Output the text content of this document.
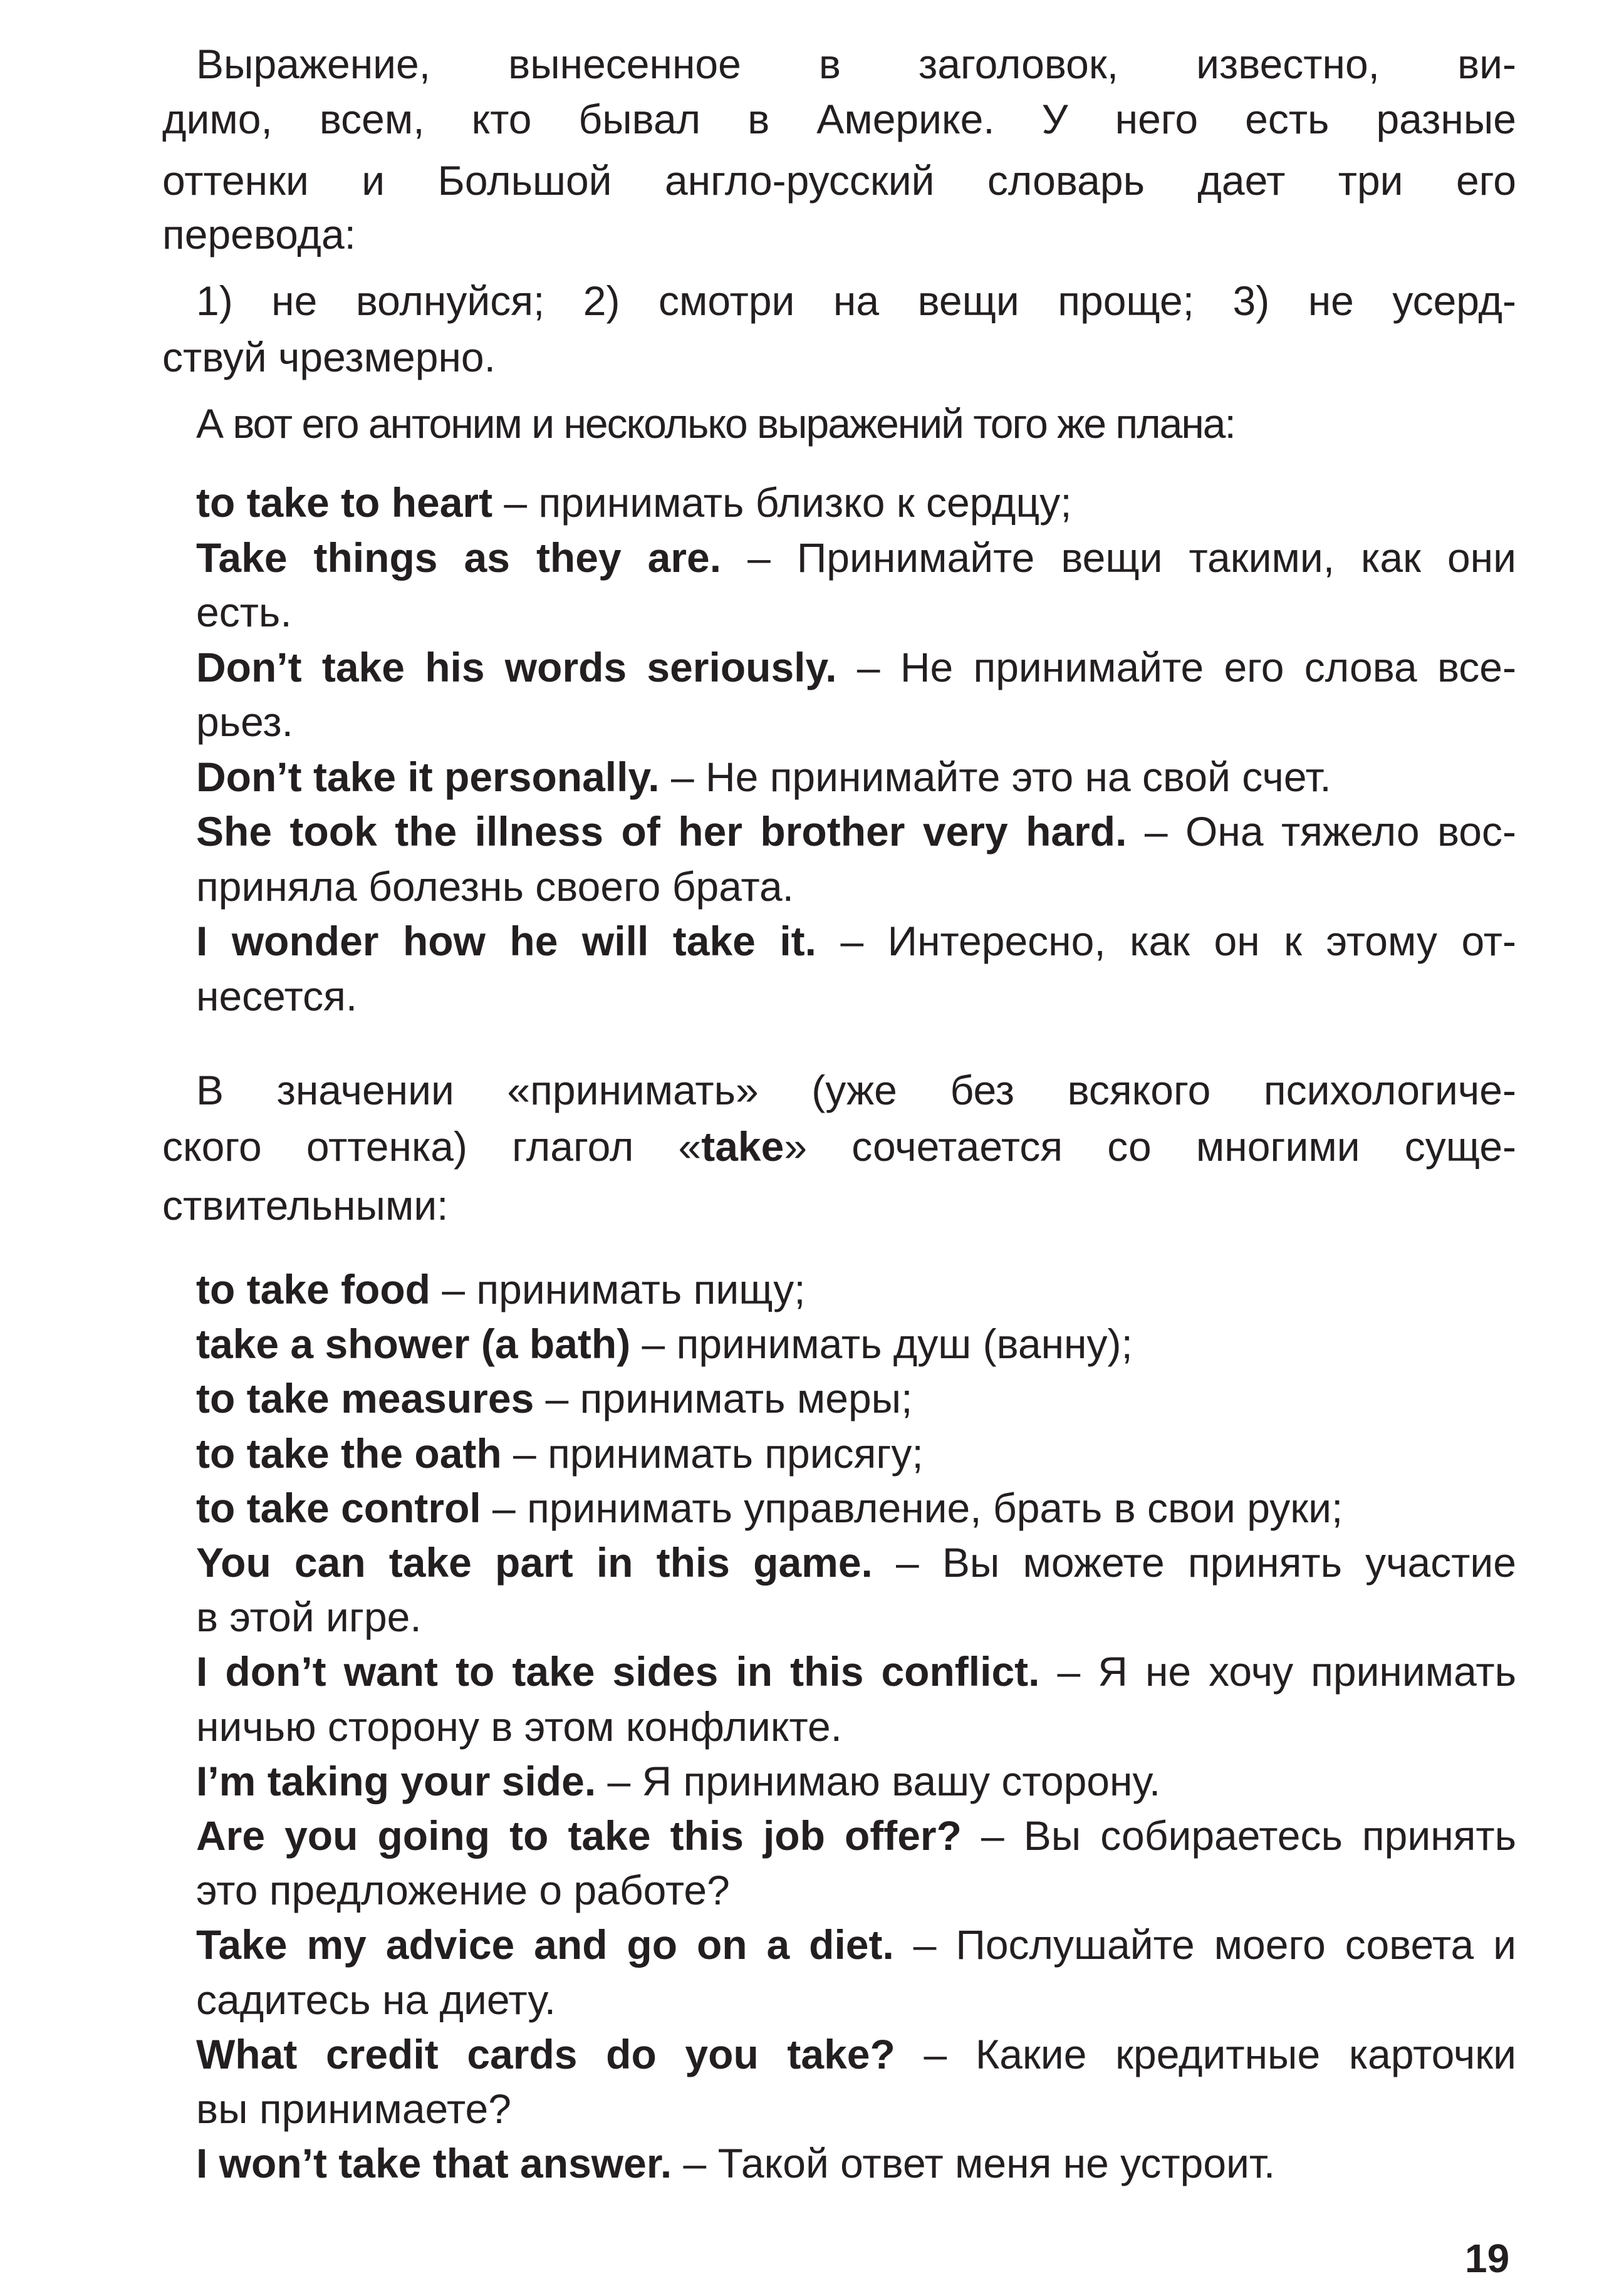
Выражение, вынесенное в заголовок, известно, ви-
димо, всем, кто бывал в Америке. У него есть разные
оттенки и Большой англо-русский словарь дает три его
перевода:
1) не волнуйся; 2) смотри на вещи проще; 3) не усерд-
ствуй чрезмерно.
А вот его антоним и несколько выражений того же плана:
to take to heart – принимать близко к сердцу;
Take things as they are. – Принимайте вещи такими, как они
есть.
Don’t take his words seriously. – Не принимайте его слова все-
рьез.
Don’t take it personally. – Не принимайте это на свой счет.
She took the illness of her brother very hard. – Она тяжело вос-
приняла болезнь своего брата.
I wonder how he will take it. – Интересно, как он к этому от-
несется.
В значении «принимать» (уже без всякого психологиче-
ского оттенка) глагол «take» сочетается со многими суще-
ствительными:
to take food – принимать пищу;
take a shower (a bath) – принимать душ (ванну);
to take measures – принимать меры;
to take the oath – принимать присягу;
to take control – принимать управление, брать в свои руки;
You can take part in this game. – Вы можете принять участие
в этой игре.
I don’t want to take sides in this conflict. – Я не хочу принимать
ничью сторону в этом конфликте.
I’m taking your side. – Я принимаю вашу сторону.
Are you going to take this job offer? – Вы собираетесь принять
это предложение о работе?
Take my advice and go on a diet. – Послушайте моего совета и
садитесь на диету.
What credit cards do you take? – Какие кредитные карточки
вы принимаете?
I won’t take that answer. – Такой ответ меня не устроит.
19
